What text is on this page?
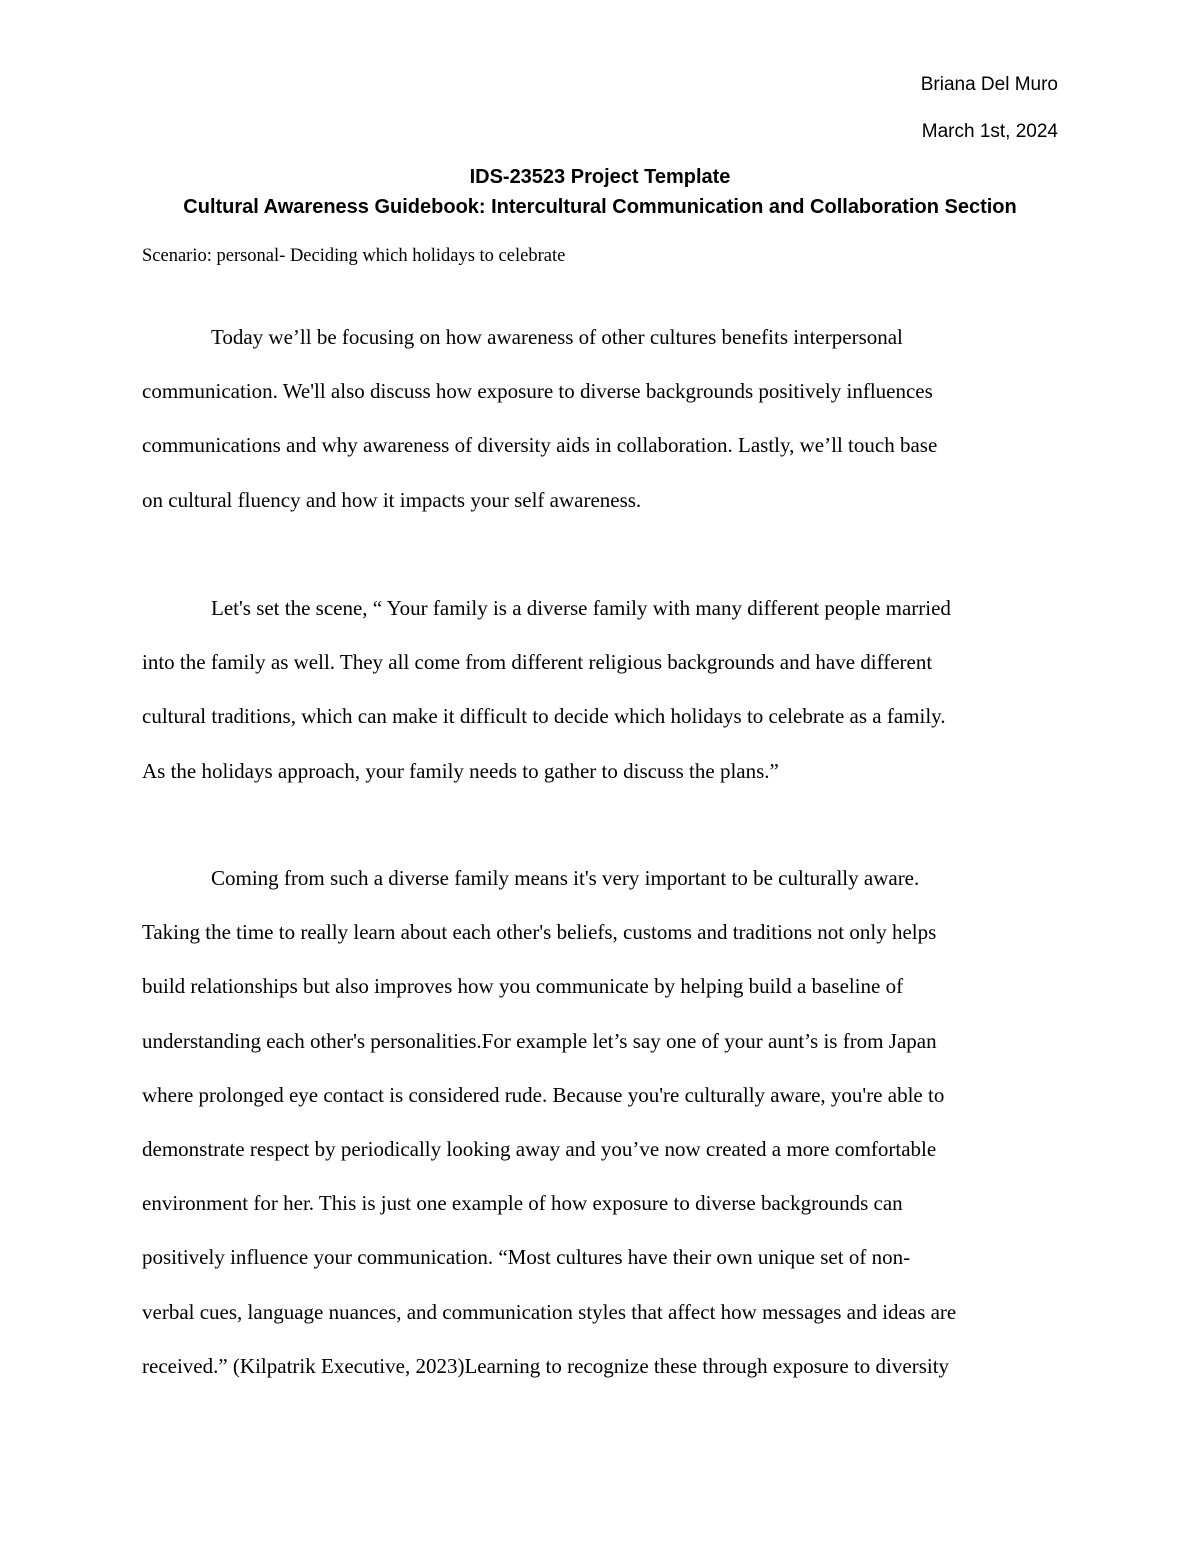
Briana Del Muro
March 1st, 2024
IDS-23523 Project Template
Cultural Awareness Guidebook: Intercultural Communication and Collaboration Section
Scenario: personal- Deciding which holidays to celebrate
Today we’ll be focusing on how awareness of other cultures benefits interpersonal
communication. We'll also discuss how exposure to diverse backgrounds positively influences
communications and why awareness of diversity aids in collaboration. Lastly, we’ll touch base
on cultural fluency and how it impacts your self awareness.
Let's set the scene, “ Your family is a diverse family with many different people married
into the family as well. They all come from different religious backgrounds and have different
cultural traditions, which can make it difficult to decide which holidays to celebrate as a family.
As the holidays approach, your family needs to gather to discuss the plans.”
Coming from such a diverse family means it's very important to be culturally aware.
Taking the time to really learn about each other's beliefs, customs and traditions not only helps
build relationships but also improves how you communicate by helping build a baseline of
understanding each other's personalities.For example let’s say one of your aunt’s is from Japan
where prolonged eye contact is considered rude. Because you're culturally aware, you're able to
demonstrate respect by periodically looking away and you’ve now created a more comfortable
environment for her. This is just one example of how exposure to diverse backgrounds can
positively influence your communication. “Most cultures have their own unique set of non-
verbal cues, language nuances, and communication styles that affect how messages and ideas are
received.” (Kilpatrik Executive, 2023)Learning to recognize these through exposure to diversity
